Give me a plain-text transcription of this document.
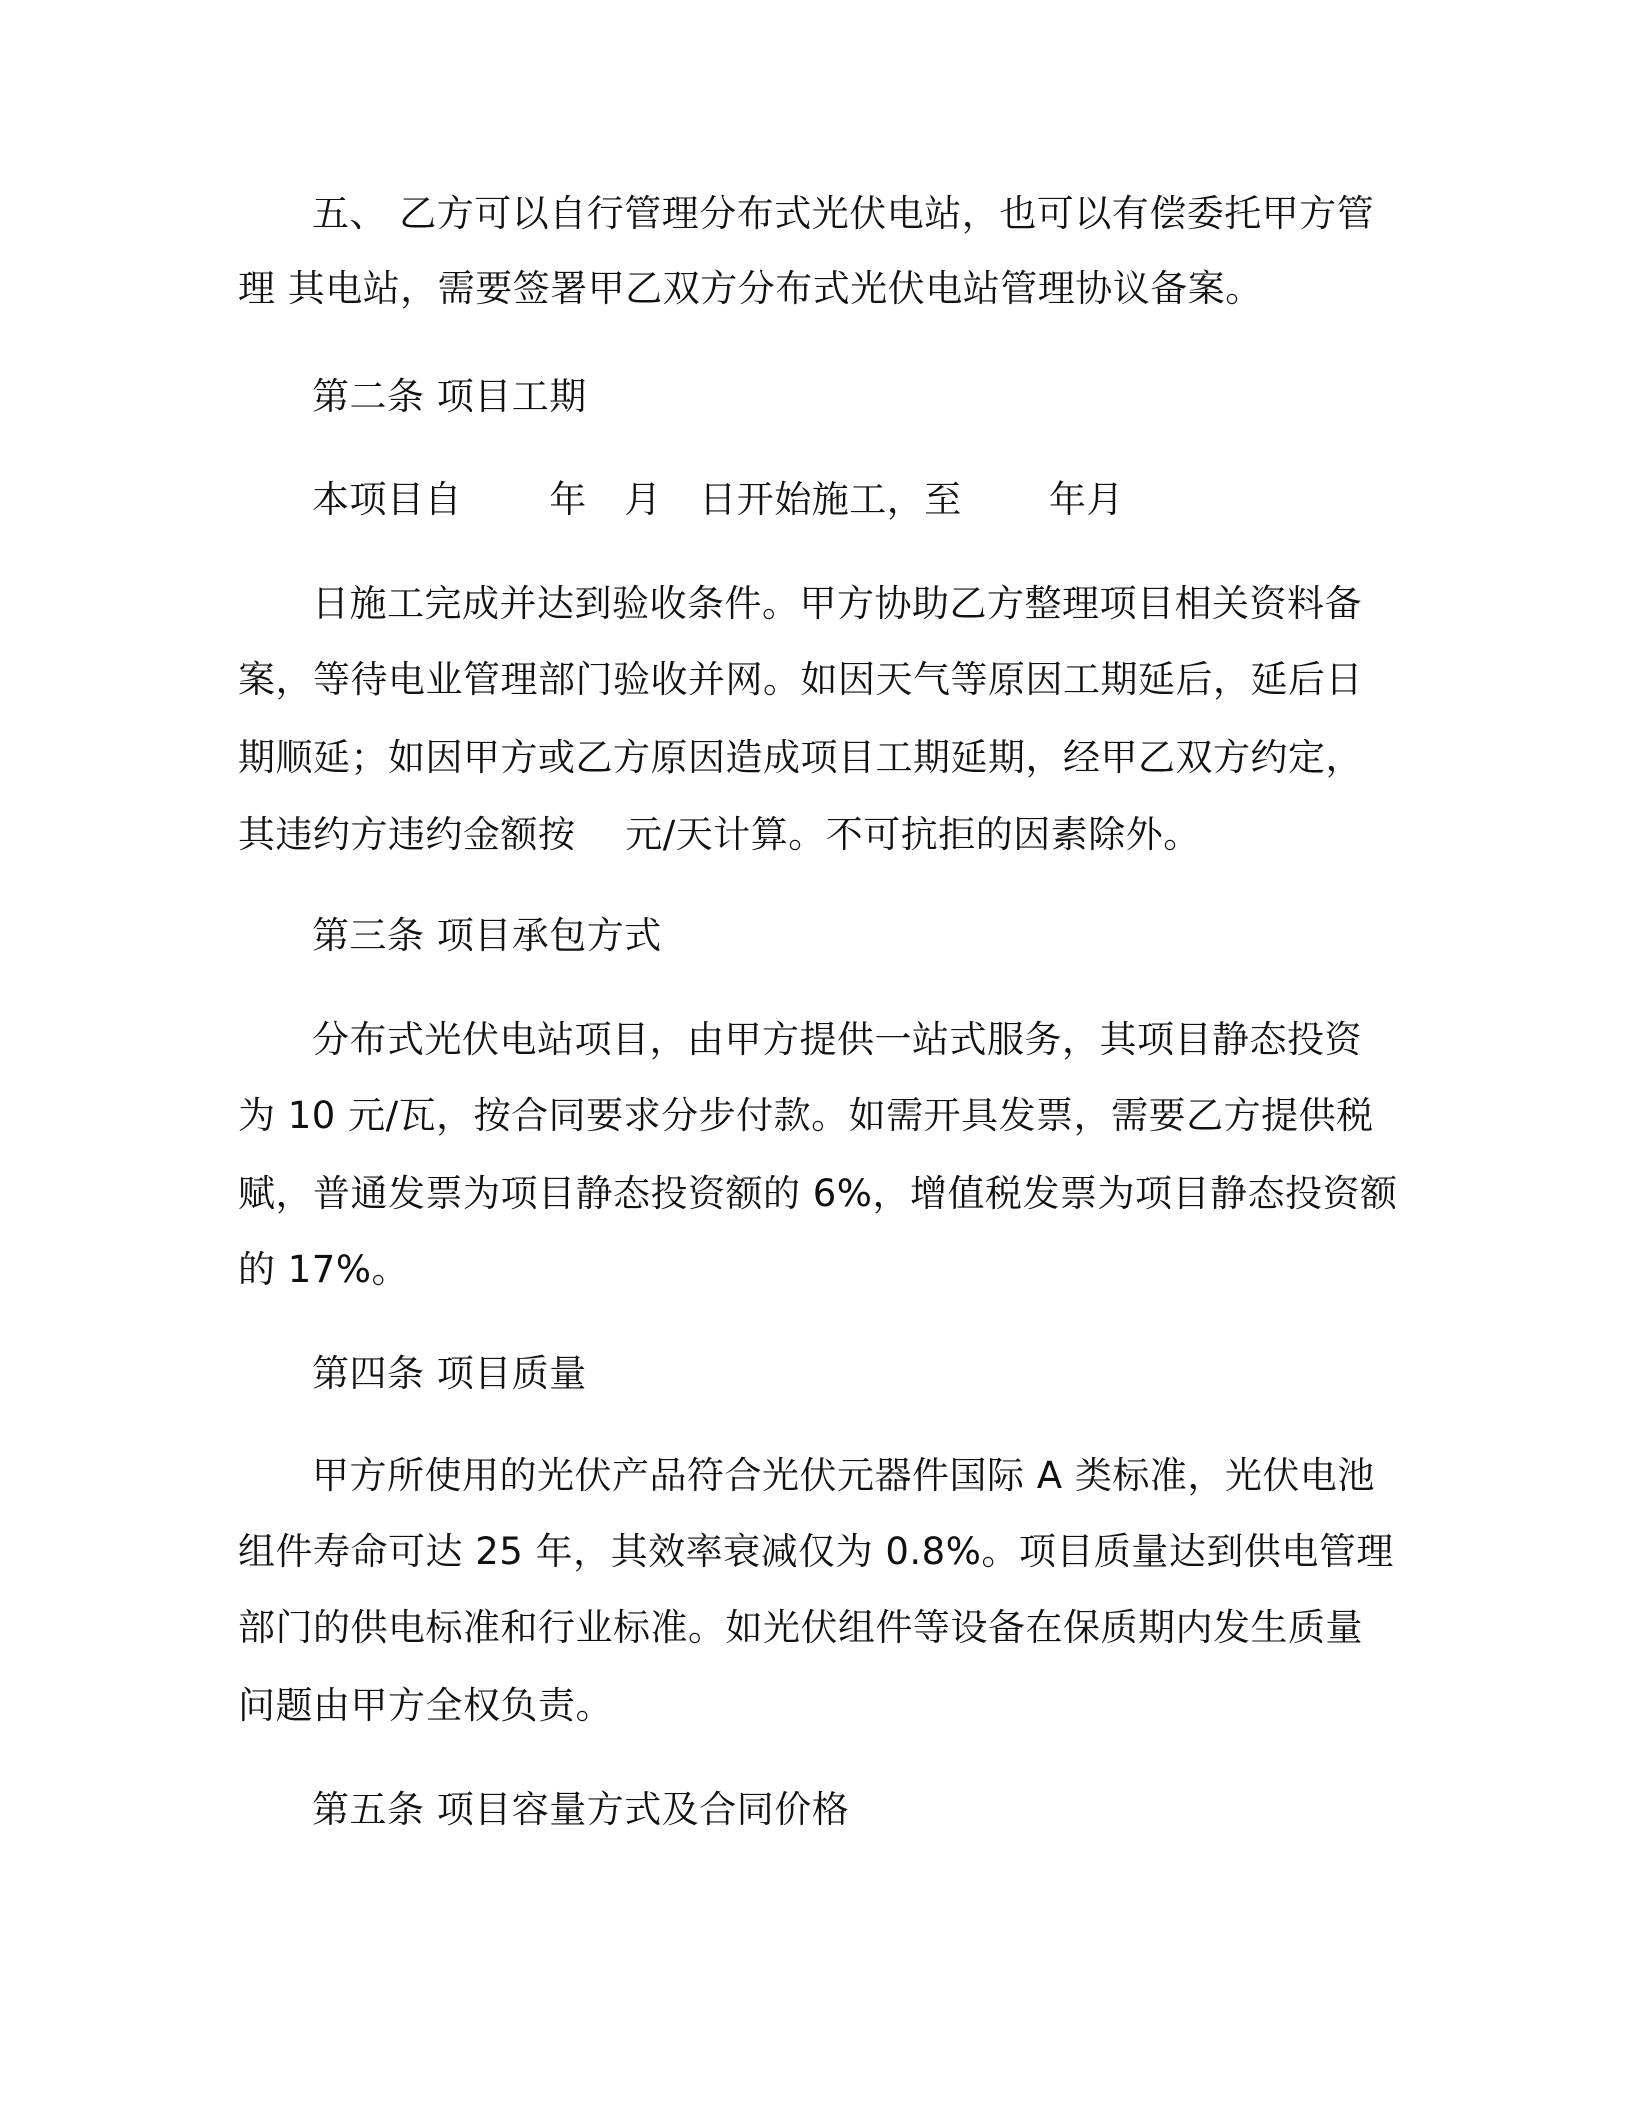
五、 乙方可以自行管理分布式光伏电站，也可以有偿委托甲方管
理 其电站，需要签署甲乙双方分布式光伏电站管理协议备案。
第二条 项目工期
本项目自　　 年　月　日开始施工，至　　 年月
日施工完成并达到验收条件。甲方协助乙方整理项目相关资料备
案，等待电业管理部门验收并网。如因天气等原因工期延后，延后日
期顺延；如因甲方或乙方原因造成项目工期延期，经甲乙双方约定，
其违约方违约金额按　 元/天计算。不可抗拒的因素除外。
第三条 项目承包方式
分布式光伏电站项目，由甲方提供一站式服务，其项目静态投资
为 10 元/瓦，按合同要求分步付款。如需开具发票，需要乙方提供税
赋，普通发票为项目静态投资额的 6%，增值税发票为项目静态投资额
的 17%。
第四条 项目质量
甲方所使用的光伏产品符合光伏元器件国际 A 类标准，光伏电池
组件寿命可达 25 年，其效率衰减仅为 0.8%。项目质量达到供电管理
部门的供电标准和行业标准。如光伏组件等设备在保质期内发生质量
问题由甲方全权负责。
第五条 项目容量方式及合同价格
